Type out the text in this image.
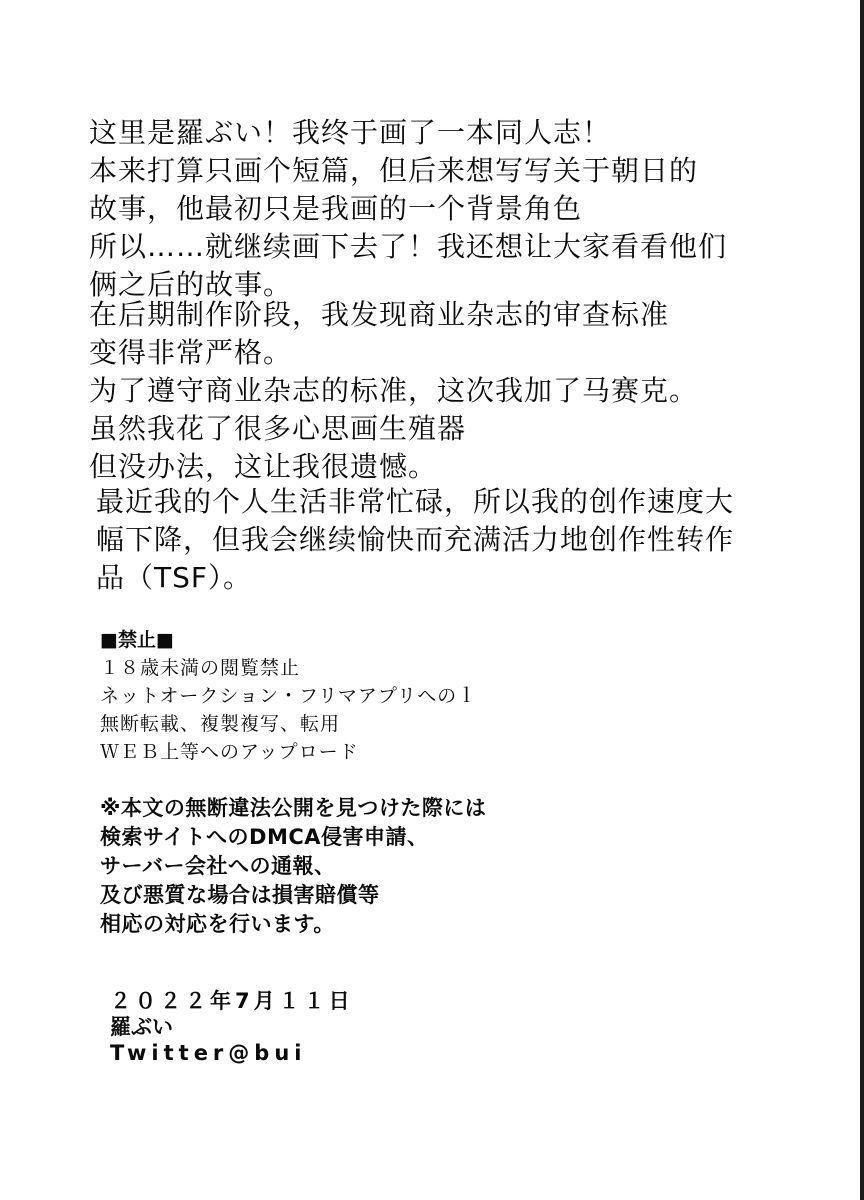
这里是羅ぶい！我终于画了一本同人志！
本来打算只画个短篇，但后来想写写关于朝日的
故事，他最初只是我画的一个背景角色
所以……就继续画下去了！我还想让大家看看他们
俩之后的故事。
在后期制作阶段，我发现商业杂志的审查标准
变得非常严格。
为了遵守商业杂志的标准，这次我加了马赛克。
虽然我花了很多心思画生殖器
但没办法，这让我很遗憾。
最近我的个人生活非常忙碌，所以我的创作速度大
幅下降，但我会继续愉快而充满活力地创作性转作
品（TSF）。
■禁止■
１８歳未満の閲覧禁止
ネットオークション・フリマアプリへのｌ
無断転載、複製複写、転用
ＷＥＢ上等へのアップロード
※本文の無断違法公開を見つけた際には
検索サイトへのDMCA侵害申請、
サーバー会社への通報、
及び悪質な場合は損害賠償等
相応の対応を行います。
２０２２年7月１１日
羅ぶい
Twitter@bui
